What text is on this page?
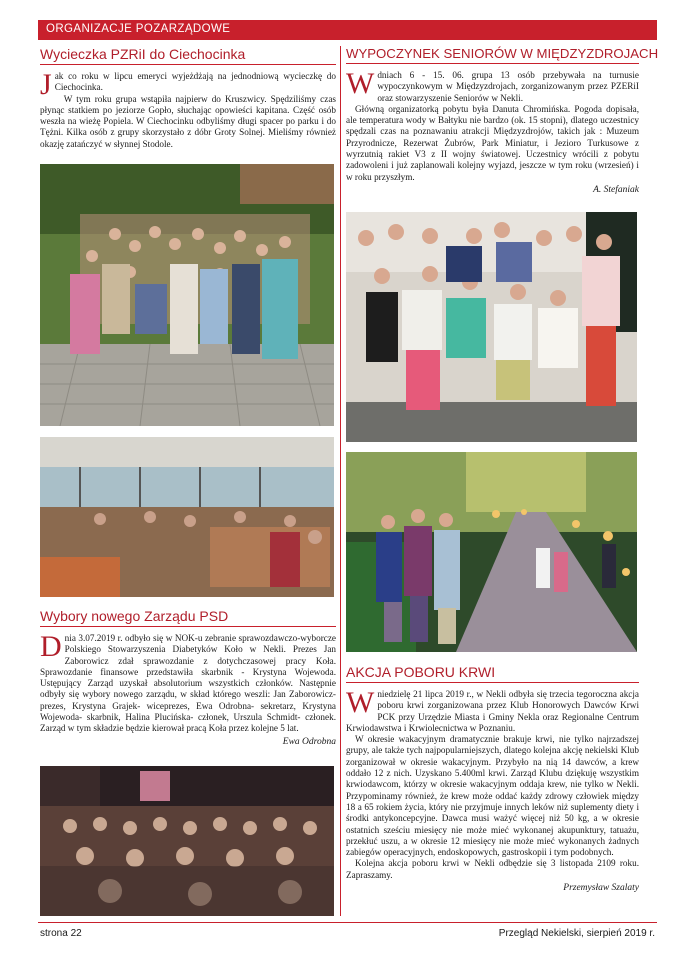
ORGANIZACJE POZARZĄDOWE
Wycieczka PZRiI do Ciechocinka

Jak co roku w lipcu emeryci wyjeżdżają na jednodniową wycieczkę do Ciechocinka.

W tym roku grupa wstąpiła najpierw do Kruszwicy. Spędziliśmy czas płynąc statkiem po jeziorze Gopło, słuchając opowieści kapitana. Część osób weszła na wieżę Popiela. W Ciechocinku odbyliśmy długi spacer po parku i do Tężni. Kilka osób z grupy skorzystało z dóbr Groty Solnej. Mieliśmy również okazję zatańczyć w słynnej Stodole.

Wybory nowego Zarządu PSD

Dnia 3.07.2019 r. odbyło się w NOK-u zebranie sprawozdawczo-wyborcze Polskiego Stowarzyszenia Diabetyków Koło w Nekli. Prezes Jan Zaborowicz zdał sprawozdanie z dotychczasowej pracy Koła. Sprawozdanie finansowe przedstawiła skarbnik - Krystyna Wojewoda. Ustępujący Zarząd uzyskał absolutorium wszystkich członków. Następnie odbyły się wybory nowego zarządu, w skład którego weszli: Jan Zaborowicz- prezes, Krystyna Grajek- wiceprezes, Ewa Odrobna- sekretarz, Krystyna Wojewoda- skarbnik, Halina Plucińska- członek, Urszula Schmidt- członek. Zarząd w tym składzie będzie kierował pracą Koła przez kolejne 5 lat.

Ewa Odrobna
WYPOCZYNEK SENIORÓW W MIĘDZYZDROJACH

Wdniach 6 - 15. 06. grupa 13 osób przebywała na turnusie wypoczynkowym w Międzyzdrojach, zorganizowanym przez PZERiI oraz stowarzyszenie Seniorów w Nekli.

Główną organizatorką pobytu była Danuta Chromińska. Pogoda dopisała, ale temperatura wody w Bałtyku nie bardzo (ok. 15 stopni), dlatego uczestnicy spędzali czas na poznawaniu atrakcji Międzyzdrojów, takich jak : Muzeum Przyrodnicze, Rezerwat Żubrów, Park Miniatur, i Jezioro Turkusowe z wyrzutnią rakiet V3 z II wojny światowej. Uczestnicy wrócili z pobytu zadowoleni i już zaplanowali kolejny wyjazd, jeszcze w tym roku (wrzesień) i w roku przyszłym.

A. Stefaniak
AKCJA POBORU KRWI

Wniedzielę 21 lipca 2019 r., w Nekli odbyła się trzecia tegoroczna akcja poboru krwi zorganizowana przez Klub Honorowych Dawców Krwi PCK przy Urzędzie Miasta i Gminy Nekla oraz Regionalne Centrum Krwiodawstwa i Krwiolecnictwa w Poznaniu.

W okresie wakacyjnym dramatycznie brakuje krwi, nie tylko najrzadszej grupy, ale także tych najpopularniejszych, dlatego kolejna akcję nekielski Klub zorganizował w okresie wakacyjnym. Przybyło na nią 14 dawców, a krew oddało 12 z nich. Uzyskano 5.400ml krwi. Zarząd Klubu dziękuję wszystkim krwiodawcom, którzy w okresie wakacyjnym oddaja krew, nie tylko w Nekli. Przypominamy również, że krew może oddać każdy zdrowy człowiek między 18 a 65 rokiem życia, który nie przyjmuje innych leków niż suplementy diety i środki antykoncepcyjne. Dawca musi ważyć więcej niż 50 kg, a w okresie ostatnich sześciu miesięcy nie może mieć wykonanej akupunktury, tatuażu, przekłuć uszu, a w okresie 12 miesięcy nie może mieć wykonanych żadnych zabiegów operacyjnych, endoskopowych, gastroskopii i tym podobnych.

Kolejna akcja poboru krwi w Nekli odbędzie się 3 listopada 2109 roku. Zapraszamy.

Przemysław Szalaty
strona 22	Przegląd Nekielski, sierpień 2019 r.
